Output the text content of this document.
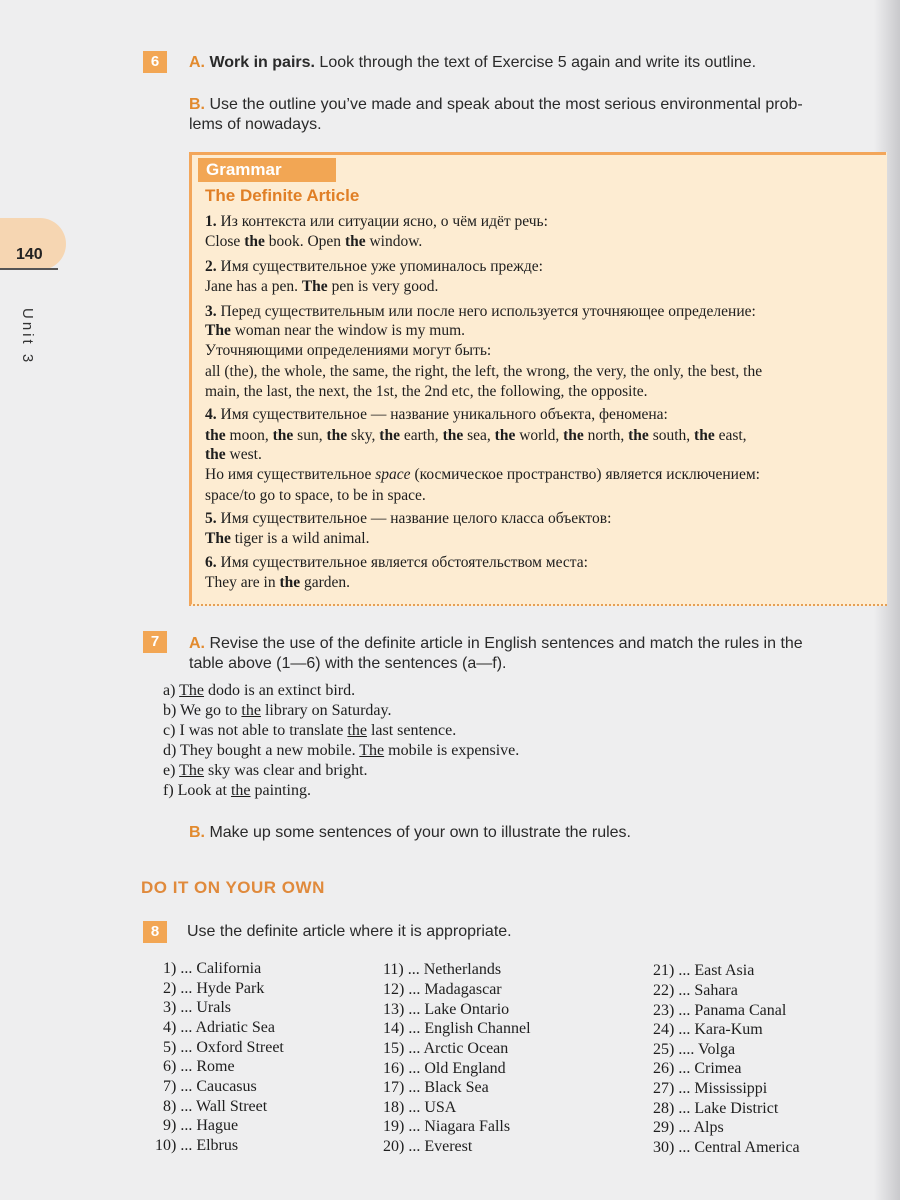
140
Unit 3
6	A. Work in pairs. Look through the text of Exercise 5 again and write its outline.
B. Use the outline you’ve made and speak about the most serious environmental prob-
lems of nowadays.
Grammar
The Definite Article
1. Из контекста или ситуации ясно, о чём идёт речь:
Close the book. Open the window.
2. Имя существительное уже упоминалось прежде:
Jane has a pen. The pen is very good.
3. Перед существительным или после него используется уточняющее определение:
The woman near the window is my mum.
Уточняющими определениями могут быть:
all (the), the whole, the same, the right, the left, the wrong, the very, the only, the best, the
main, the last, the next, the 1st, the 2nd etc, the following, the opposite.
4. Имя существительное — название уникального объекта, феномена:
the moon, the sun, the sky, the earth, the sea, the world, the north, the south, the east,
the west.
Но имя существительное space (космическое пространство) является исключением:
space/to go to space, to be in space.
5. Имя существительное — название целого класса объектов:
The tiger is a wild animal.
6. Имя существительное является обстоятельством места:
They are in the garden.
7	A. Revise the use of the definite article in English sentences and match the rules in the
table above (1—6) with the sentences (a—f).
a) The dodo is an extinct bird.
b) We go to the library on Saturday.
c) I was not able to translate the last sentence.
d) They bought a new mobile. The mobile is expensive.
e) The sky was clear and bright.
f) Look at the painting.
B. Make up some sentences of your own to illustrate the rules.
DO IT ON YOUR OWN
8	Use the definite article where it is appropriate.
1) ... California
2) ... Hyde Park
3) ... Urals
4) ... Adriatic Sea
5) ... Oxford Street
6) ... Rome
7) ... Caucasus
8) ... Wall Street
9) ... Hague
10) ... Elbrus
11) ... Netherlands
12) ... Madagascar
13) ... Lake Ontario
14) ... English Channel
15) ... Arctic Ocean
16) ... Old England
17) ... Black Sea
18) ... USA
19) ... Niagara Falls
20) ... Everest
21) ... East Asia
22) ... Sahara
23) ... Panama Canal
24) ... Kara-Kum
25) .... Volga
26) ... Crimea
27) ... Mississippi
28) ... Lake District
29) ... Alps
30) ... Central America
